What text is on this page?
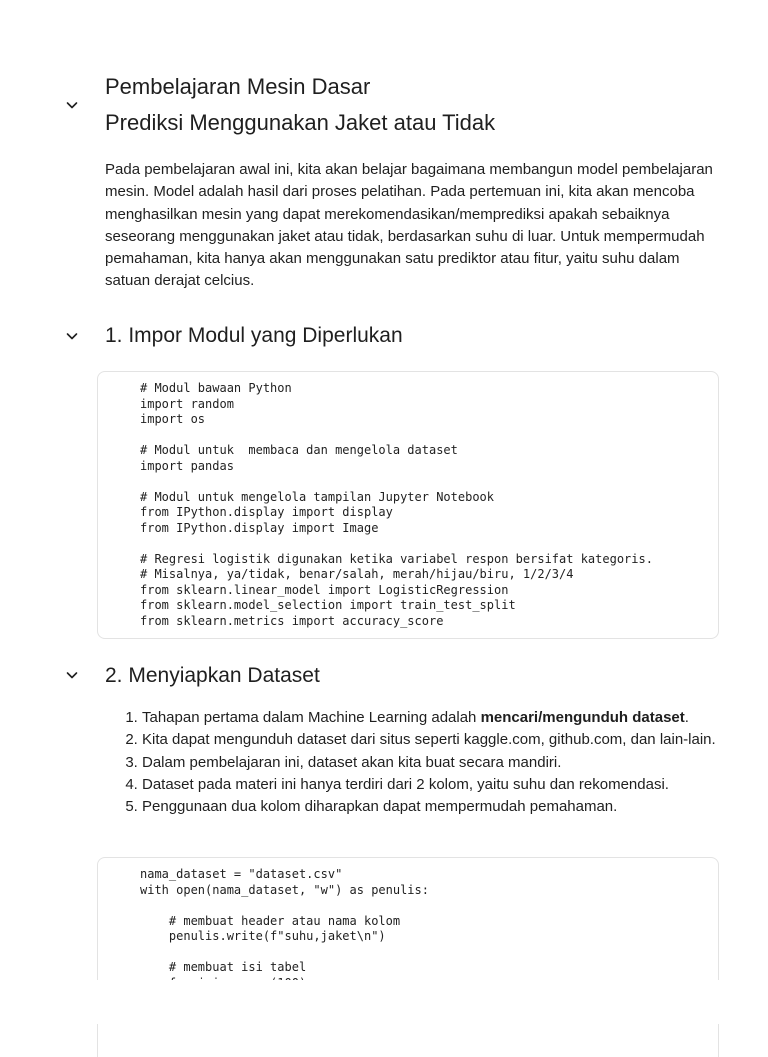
Pembelajaran Mesin Dasar
Prediksi Menggunakan Jaket atau Tidak

Pada pembelajaran awal ini, kita akan belajar bagaimana membangun model pembelajaran mesin. Model adalah hasil dari proses pelatihan. Pada pertemuan ini, kita akan mencoba menghasilkan mesin yang dapat merekomendasikan/memprediksi apakah sebaiknya seseorang menggunakan jaket atau tidak, berdasarkan suhu di luar. Untuk mempermudah pemahaman, kita hanya akan menggunakan satu prediktor atau fitur, yaitu suhu dalam satuan derajat celcius.

1. Impor Modul yang Diperlukan
# Modul bawaan Python
import random
import os

# Modul untuk  membaca dan mengelola dataset
import pandas

# Modul untuk mengelola tampilan Jupyter Notebook
from IPython.display import display
from IPython.display import Image

# Regresi logistik digunakan ketika variabel respon bersifat kategoris.
# Misalnya, ya/tidak, benar/salah, merah/hijau/biru, 1/2/3/4
from sklearn.linear_model import LogisticRegression
from sklearn.model_selection import train_test_split
from sklearn.metrics import accuracy_score
2. Menyiapkan Dataset
1. Tahapan pertama dalam Machine Learning adalah mencari/mengunduh dataset.
2. Kita dapat mengunduh dataset dari situs seperti kaggle.com, github.com, dan lain-lain.
3. Dalam pembelajaran ini, dataset akan kita buat secara mandiri.
4. Dataset pada materi ini hanya terdiri dari 2 kolom, yaitu suhu dan rekomendasi.
5. Penggunaan dua kolom diharapkan dapat mempermudah pemahaman.
nama_dataset = "dataset.csv"
with open(nama_dataset, "w") as penulis:

# membuat header atau nama kolom
penulis.write(f"suhu,jaket\n")

# membuat isi tabel
